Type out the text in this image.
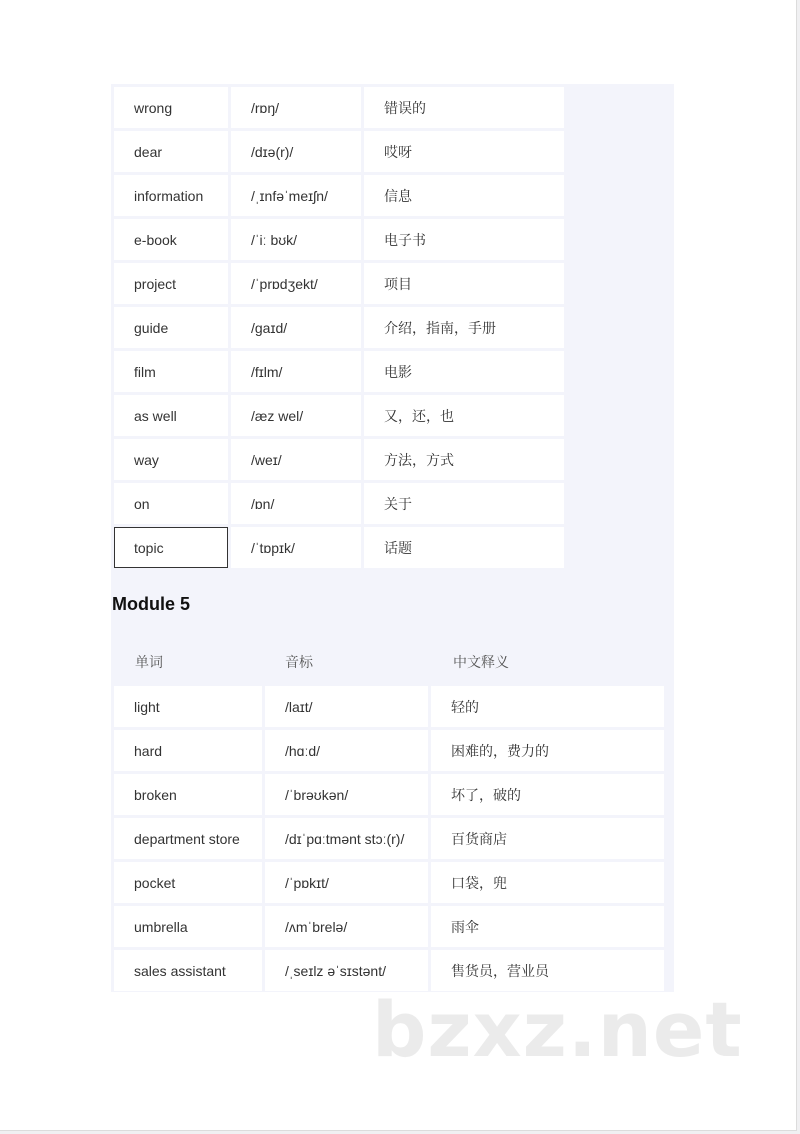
wrong	/rɒŋ/	错误的
dear	/dɪə(r)/	哎呀
information	/ˌɪnfəˈmeɪʃn/	信息
e-book	/ˈiː bʊk/	电子书
project	/ˈprɒdʒekt/	项目
guide	/gaɪd/	介绍，指南，手册
film	/fɪlm/	电影
as well	/æz wel/	又，还，也
way	/weɪ/	方法，方式
on	/ɒn/	关于
topic	/ˈtɒpɪk/	话题
Module 5
单词	音标	中文释义
light	/laɪt/	轻的
hard	/hɑːd/	困难的，费力的
broken	/ˈbrəʊkən/	坏了，破的
department store	/dɪˈpɑːtmənt stɔː(r)/	百货商店
pocket	/ˈpɒkɪt/	口袋，兜
umbrella	/ʌmˈbrelə/	雨伞
sales assistant	/ˌseɪlz əˈsɪstənt/	售货员，营业员
bzxz.net
